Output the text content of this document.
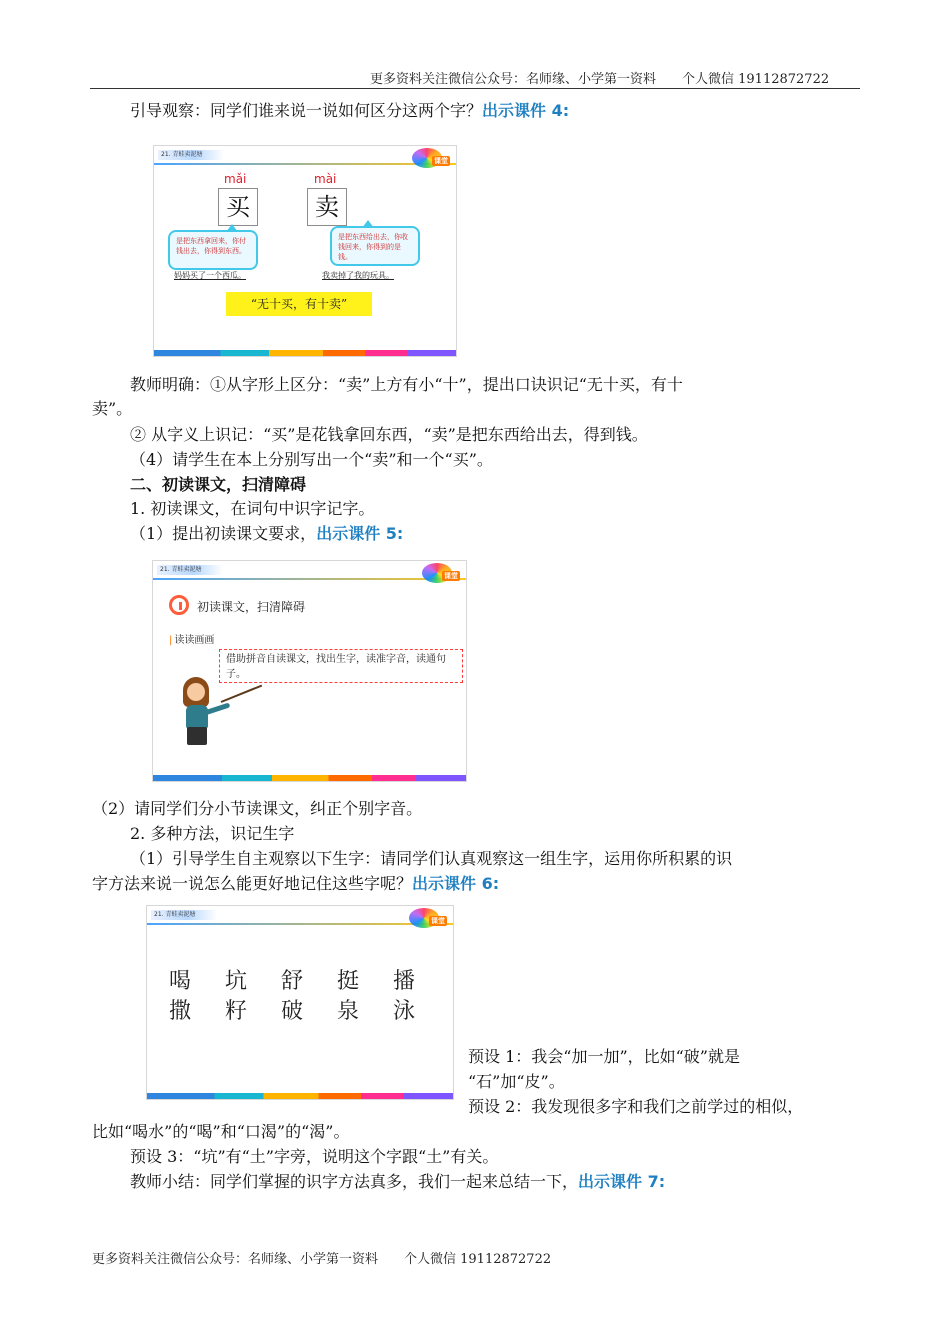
更多资料关注微信公众号：名师缘、小学第一资料　　个人微信 19112872722
引导观察：同学们谁来说一说如何区分这两个字？出示课件 4:
21. 青蛙卖泥塘
课堂
mǎi	mài
买	卖
是把东西拿回来，你付钱出去，你得到东西。
是把东西给出去，你收钱回来，你得到的是钱。
妈妈买了一个西瓜。	我卖掉了我的玩具。
“无十买，有十卖”
教师明确：①从字形上区分：“卖”上方有小“十”，提出口诀识记“无十买，有十
卖”。
② 从字义上识记：“买”是花钱拿回东西，“卖”是把东西给出去，得到钱。
（4）请学生在本上分别写出一个“卖”和一个“买”。
二、初读课文，扫清障碍
1. 初读课文，在词句中识字记字。
（1）提出初读课文要求，出示课件 5:
21. 青蛙卖泥塘
课堂
初读课文，扫清障碍
| 读读画画
借助拼音自读课文，找出生字，读准字音，读通句子。
（2）请同学们分小节读课文，纠正个别字音。
2. 多种方法，识记生字
（1）引导学生自主观察以下生字：请同学们认真观察这一组生字，运用你所积累的识
字方法来说一说怎么能更好地记住这些字呢？出示课件 6:
21. 青蛙卖泥塘
课堂
喝 坑 舒 挺 播
撒 籽 破 泉 泳
预设 1：我会“加一加”，比如“破”就是
“石”加“皮”。
预设 2：我发现很多字和我们之前学过的相似，
比如“喝水”的“喝”和“口渴”的“渴”。
预设 3：“坑”有“土”字旁，说明这个字跟“土”有关。
教师小结：同学们掌握的识字方法真多，我们一起来总结一下，出示课件 7:
更多资料关注微信公众号：名师缘、小学第一资料　　个人微信 19112872722
